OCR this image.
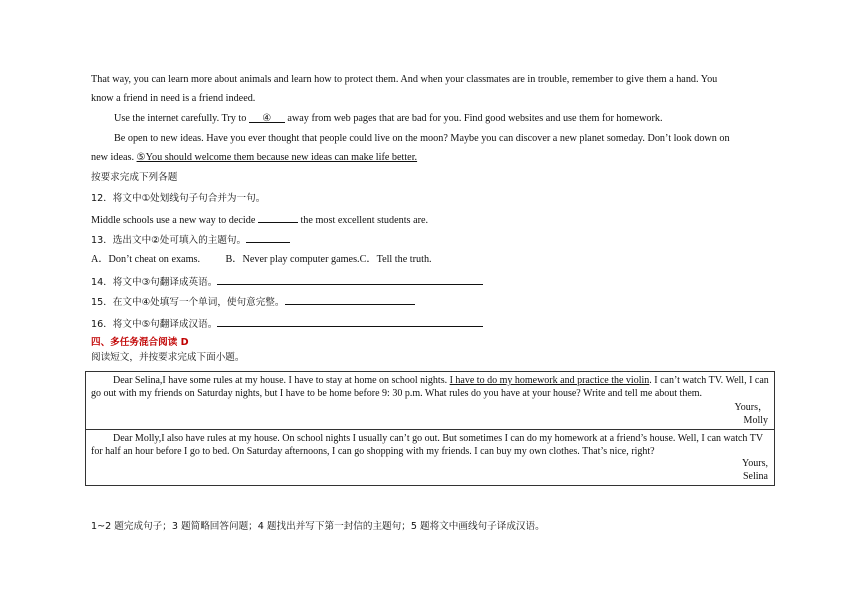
That way, you can learn more about animals and learn how to protect them. And when your classmates are in trouble, remember to give them a hand. You
know a friend in need is a friend indeed.
Use the internet carefully. Try to ④ away from web pages that are bad for you. Find good websites and use them for homework.
Be open to new ideas. Have you ever thought that people could live on the moon? Maybe you can discover a new planet someday. Don’t look down on
new ideas. ⑤You should welcome them because new ideas can make life better.
按要求完成下列各题
12．将文中①处划线句子句合并为一句。
Middle schools use a new way to decide	the most excellent students are.
13．选出文中②处可填入的主题句。
A．Don’t cheat on exams.          B．Never play computer games.C．Tell the truth.
14．将文中③句翻译成英语。
15．在文中④处填写一个单词，使句意完整。
16．将文中⑤句翻译成汉语。
四、多任务混合阅读 D
阅读短文，并按要求完成下面小题。
Dear Selina,I have some rules at my house. I have to stay at home on school nights. I have to do my homework and practice the violin. I can’t watch TV. Well, I can go out with my friends on Saturday nights, but I have to be home before 9: 30 p.m. What rules do you have at your house? Write and tell me about them.
Yours，
Molly

Dear Molly,I also have rules at my house. On school nights I usually can’t go out. But sometimes I can do my homework at a friend’s house. Well, I can watch TV for half an hour before I go to bed. On Saturday afternoons, I can go shopping with my friends. I can buy my own clothes. That’s nice, right?
Yours,
Selina
1~2 题完成句子；3 题简略回答问题；4 题找出并写下第一封信的主题句；5 题将文中画线句子译成汉语。
